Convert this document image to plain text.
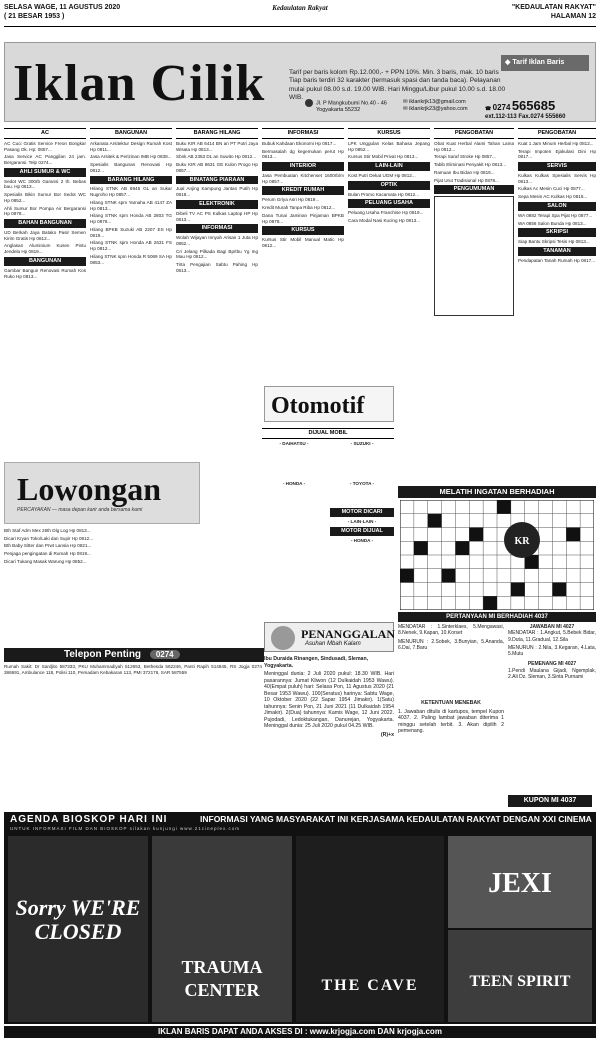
SELASA WAGE, 11 AGUSTUS 2020
( 21 BESAR 1953 )
Kedaulatan Rakyat	"KEDAULATAN RAKYAT"
HALAMAN 12
Iklan Cilik	Tarif per baris kolom Rp.12.000,- + PPN 10%. Min. 3 baris, mak. 10 baris Tiap baris terdiri 32 karakter (termasuk spasi dan tanda baca). Pelayanan mulai pukul 08.00 s.d. 19.00 WIB. Hari Minggu/Libur pukul 10.00 s.d. 18.00 WIB.
◆ Tarif Iklan Baris
Jl. P Mangkubumi No.40 - 46
Yogyakarta 55232
✉ iklankrjk13@gmail.com
✉ iklankrjk23@yahoo.com	☎ 0274 565685
ext.112-113 Fax.0274 555660
AC
AC Cuci Gratis Service Freon Bongkar Pasang Ok. Hp: 0857...
Jasa Service AC Panggilan 24 jam. Bergaransi. Telp 0274...
AHLI SUMUR & WC
Sedot WC 300rb Garansi 2 th. Bebas bau. Hp 0813...
Spesialis Bikin Sumur Bor Sedot WC Hp 0852...
Ahli Sumur Bor Pompa Air Bergaransi Hp 0878...
BAHAN BANGUNAN
UD Berkah Jaya Batako Pasir Semen Kirim Gratis Hp 0812...
Anglasan Aluminium Kusen Pintu Jendela Hp 0819...
BANGUNAN
Gambar Bangun Renovasi Rumah Kos Ruko Hp 0813...
BANGUNAN
Arkanata Arsitektur Design Rumah Kost Hp 0811...
Jasa Arsitek & Perizinan IMB Hp 0838...
Spesialis Bangunan Renovasi Hp 0812...
BARANG HILANG
Hilang STNK AB 6945 GL an Sukar Nugroho Hp 0857...
Hilang STNK spm Yamaha AB 4147 ZA Hp 0813...
Hilang STNK spm Honda AB 2803 TG Hp 0878...
Hilang BPKB Suzuki AB 2207 ES Hp 0819...
Hilang STNK spm Honda AB 2631 FS Hp 0812...
Hilang STNK spm Honda R 5069 SA Hp 0853...
BARANG HILANG
Buku KIR AB 6414 BN an PT Putri Jaya Wisata Hp 0813...
Sbnk AB 2353 DL an Suwito Hp 0812...
Buku KIR AB 8631 GE Kulon Progo Hp 0857...
BINATANG PIARAAN
Jual Anjing Kampung Jantan Putih Hp 0818...
ELEKTRONIK
Dibeli TV AC PS Kulkas Laptop HP Hp 0813...
INFORMASI
Wolah Wijayan Innyah Arisan 1 Juta Hp 0852...
Cri Jelang Pilkada Bagi Bp/Ibu Yg Ing Mau Hp 0812...
Tirta Pengajian Sabtu Pahing Hp 0813...
INFORMASI
Bubuk Kahdaan Ekonomi Hp 0817...
Bermasalah dg kegemukan perut Hp 0813...
INTERIOR
Jasa Pembuatan Kitchenset 1600rb/m Hp 0857...
KREDIT RUMAH
Perum Griya Asri Hp 0819...
Kredit Murah Tanpa Riba Hp 0812...
Dana Tunai Jaminan Pinjaman BPKB Hp 0878...
KURSUS
Kursus Stir Mobil Manual Matic Hp 0812...
KURSUS
LPK Unggulan Kelas Bahasa Jepang Hp 0852...
Kursus Stir Mobil Privat Hp 0813...
LAIN-LAIN
Kost Putri Dekat UGM Hp 0812...
OPTIK
Bulan Promo Kacamata Hp 0812...
PELUANG USAHA
Peluang Usaha Franchise Hp 0819...
Cara Modal Nasi Kucing Hp 0813...
PENGOBATAN
Obat Kuat Herbal Alami Tahan Lama Hp 0812...
Terapi Saraf Stroke Hp 0857...
Tabib Eliminasi Penyakit Hp 0813...
Ramuan Ibu Bidan Hp 0819...
Pijat Urut Tradisional Hp 0878...
PENGUMUMAN
PENGOBATAN
Kuat 1 Jam Minum Herbal Hp 0812...
Terapi Impoten Ejakulasi Dini Hp 0817...
SERVIS
Kulkas Kulkas Spesialis Servis Hp 0813...
Kulkas Ac Mesin Cuci Hp 0877...
Sepa Mesin AC Kulkas Hp 0816...
SALON
WA 0882 Terapi Spa Pijat Hp 0877...
WA 0856 Salon Bunda Hp 0813...
SKRIPSI
Siap Bantu Skripsi Tesis Hp 0813...
TANAMAN
Pendapatan Tanah Rumah Hp 0817...
Otomotif
DIJUAL MOBIL
- DAIHATSU -
- HONDA -
- SUZUKI -
- TOYOTA -
MOTOR DICARI
- LAIN-LAIN -
MOTOR DIJUAL
- HONDA -
Lowongan
PERCAYAKAN — masa depan karir anda bersama kami
Bth Staf Adm Mex 26th Dlg Log Hp 0813...
Dicari Kryan Toko/Laki dan Supir Hp 0812...
Bth Baby Sitter dan Prwt Lansia Hp 0821...
Penjaga pengingatan di Rumah Hp 0819...
Dicari Tukang Masak Warung Hp 0852...
Telepon Penting 0274
Rumah Sakit: Dr Sardjito 587333, PKU Muhammadiyah 512653, Bethesda 562246, Panti Rapih 514845, RS Jogja 0274 386691, Ambulance 118, Polisi 110, Pemadam Kebakaran 113, PMI 372176, SAR 587559
PENANGGALAN
Asuhan Mbah Kalam
Ibu Duraida Rinangen, Sindusadi, Sleman, Yogyakarta.
Meninggal dunia: 2 Juli 2020 pukul: 18.30 WIB. Hari pasarannya: Jumat Kliwon (12 Dulkaidah 1953 Wawu). 40(Empat puluh) hari: Selasa Pon, 11 Agustus 2020 (21 Besar 1953 Wawu). 100(Seratus) harinya: Sabtu Wage, 10 Oktober 2020 (22 Sapar 1954 Jimakir). 1(Satu) tahunnya: Senin Pon, 21 Juni 2021 (11 Dulkaidah 1954 Jimakir). 2(Dua) tahunnya: Kamis Wage, 12 Juni 2022. Pujodadi, Ledoktukangan, Danurejan, Yogyakarta. Meninggal dunia: 25 Juli 2020 pukul 04.25 WIB.
(R)+x
KETENTUAN MENEBAK
1. Jawaban ditulis di kartupos, tempel Kupon 4037. 2. Paling lambat jawaban diterima 1 minggu setelah terbit. 3. Akan dipilih 2 pemenang.
MELATIH INGATAN BERHADIAH
KR
PERTANYAAN MI BERHADIAH 4037
MENDATAR : 1.Sinterklaes, 5.Mengawasi, 8.Nenek, 9.Kapan, 10.Korset
MENURUN : 2.Sobek, 3.Bunyian, 5.Ananda, 6.Dai, 7.Baru
JAWABAN MI 4027
MENDATAR : 1.Angkut, 5.Bebek Bidar, 9.Duta, 11.Gradual, 12.Sila
MENURUN : 2.Nila, 3.Kegaran, 4.Lata, 5.Mutu
PEMENANG MI 4027
1.Pendi Maulana Gijadi, Ngemplak, 2.Ali Dz. Sleman, 3.Sinta Purnami
KUPON MI 4037
AGENDA BIOSKOP HARI INI	INFORMASI YANG MASYARAKAT INI KERJASAMA KEDAULATAN RAKYAT DENGAN XXI CINEMA
UNTUK INFORMASI FILM DAN BIOSKOP silakan kunjungi www.21cineplex.com
Sorry WE'RE CLOSED
TRAUMA CENTER	THE CAVE
JEXI
TEEN SPIRIT
IKLAN BARIS DAPAT ANDA AKSES DI : www.krjogja.com DAN krjogja.com
